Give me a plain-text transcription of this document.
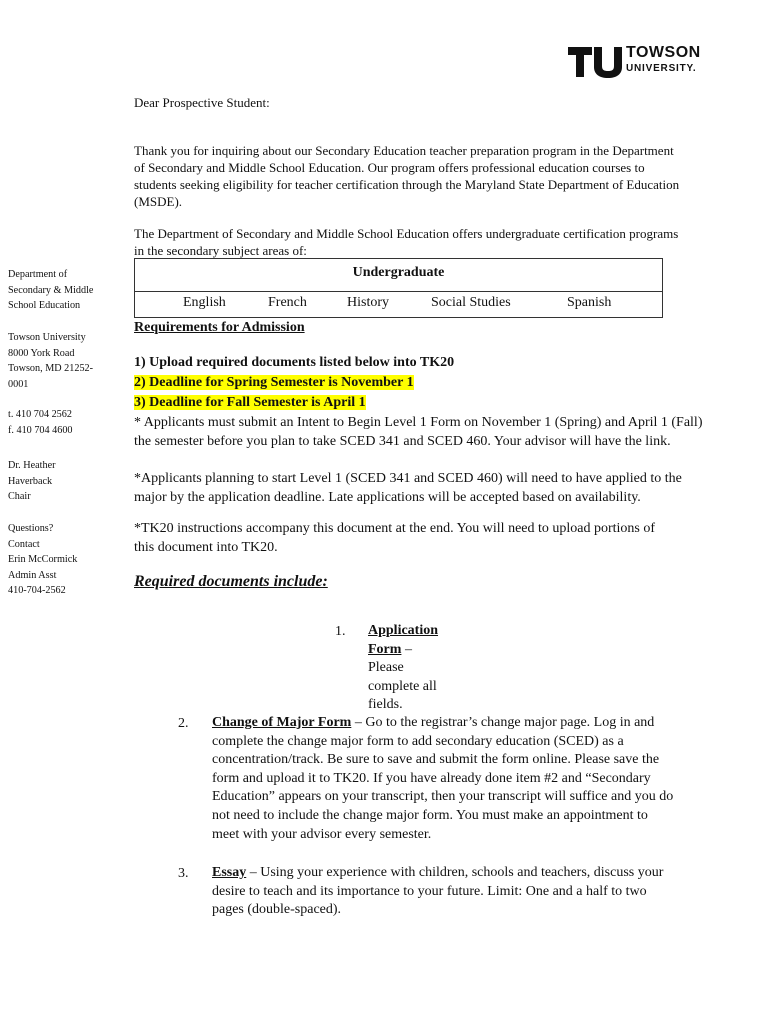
TOWSON
UNIVERSITY.
Dear Prospective Student:
Thank you for inquiring about our Secondary Education teacher preparation program in the Department
of Secondary and Middle School Education. Our program offers professional education courses to
students seeking eligibility for teacher certification through the Maryland State Department of Education
(MSDE).
The Department of Secondary and Middle School Education offers undergraduate certification programs
in the secondary subject areas of:
Department of
Secondary & Middle
School Education
Towson University
8000 York Road
Towson, MD 21252-
0001
t. 410 704 2562
f. 410 704 4600
Dr. Heather
Haverback
Chair
Questions?
Contact
Erin McCormick
Admin Asst
410-704-2562
Undergraduate
English	French	History	Social Studies	Spanish
Requirements for Admission
1) Upload required documents listed below into TK20
2) Deadline for Spring Semester is November 1
3) Deadline for Fall Semester is April 1
* Applicants must submit an Intent to Begin Level 1 Form on November 1 (Spring) and April 1 (Fall)
the semester before you plan to take SCED 341 and SCED 460. Your advisor will have the link.
*Applicants planning to start Level 1 (SCED 341 and SCED 460) will need to have applied to the
major by the application deadline. Late applications will be accepted based on availability.
*TK20 instructions accompany this document at the end. You will need to upload portions of
this document into TK20.
Required documents include:
1. Application
Form –
Please
complete all
fields.
2. Change of Major Form – Go to the registrar’s change major page. Log in and
complete the change major form to add secondary education (SCED) as a
concentration/track. Be sure to save and submit the form online. Please save the
form and upload it to TK20. If you have already done item #2 and “Secondary
Education” appears on your transcript, then your transcript will suffice and you do
not need to include the change major form. You must make an appointment to
meet with your advisor every semester.
3. Essay – Using your experience with children, schools and teachers, discuss your
desire to teach and its importance to your future. Limit: One and a half to two
pages (double-spaced).
